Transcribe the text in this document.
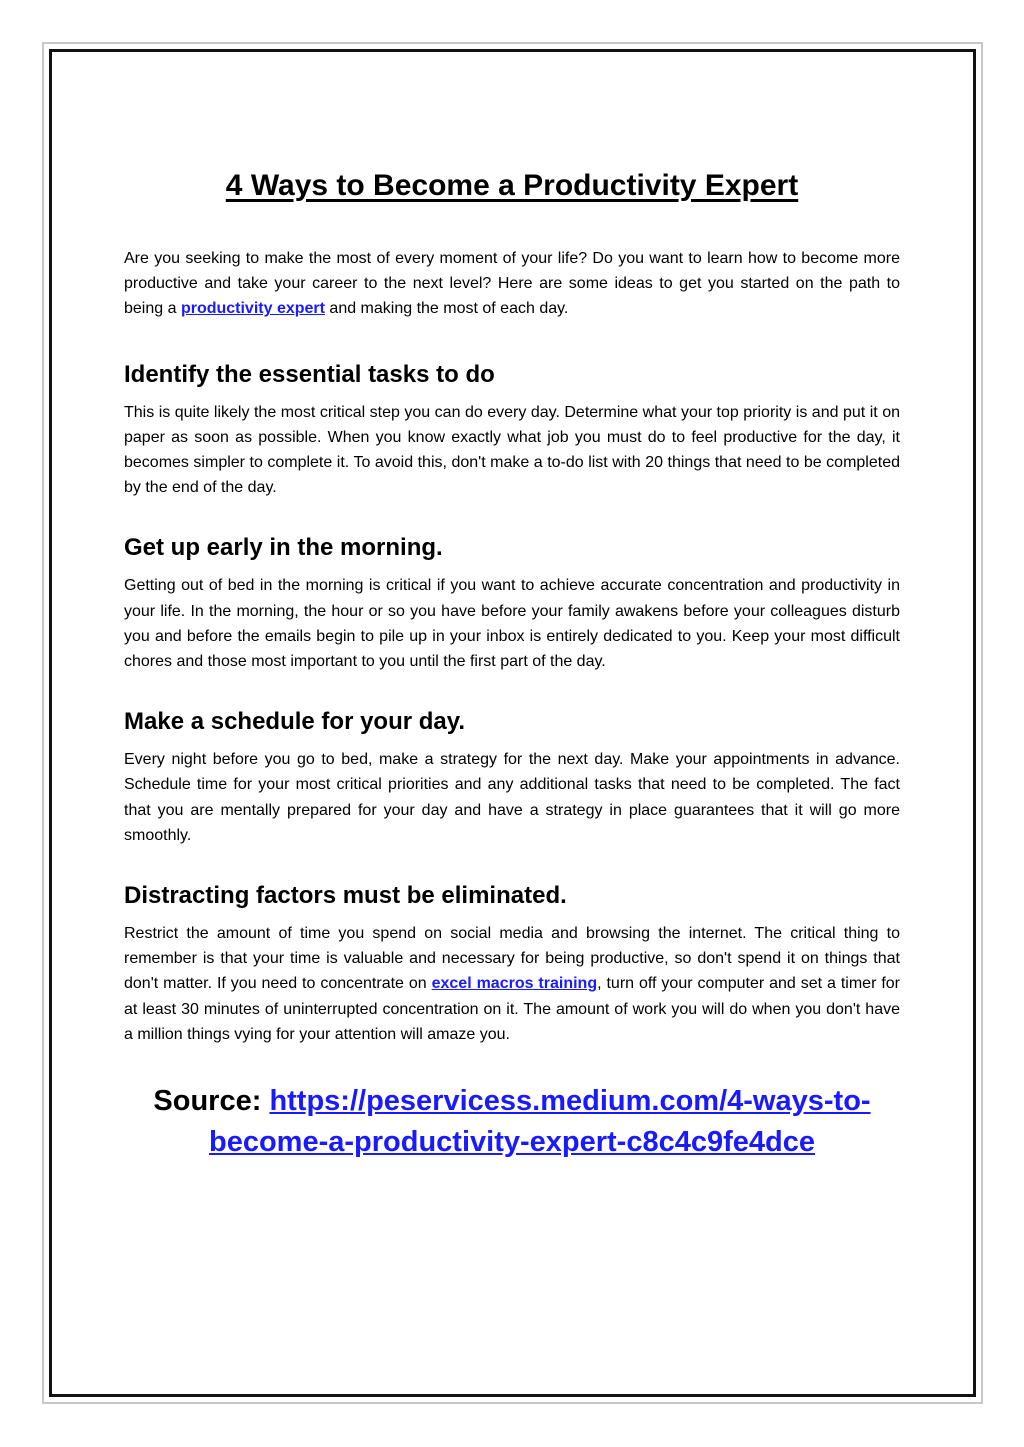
4 Ways to Become a Productivity Expert

Are you seeking to make the most of every moment of your life? Do you want to learn how to become more productive and take your career to the next level? Here are some ideas to get you started on the path to being a productivity expert and making the most of each day.

Identify the essential tasks to do

This is quite likely the most critical step you can do every day. Determine what your top priority is and put it on paper as soon as possible. When you know exactly what job you must do to feel productive for the day, it becomes simpler to complete it. To avoid this, don't make a to-do list with 20 things that need to be completed by the end of the day.

Get up early in the morning.

Getting out of bed in the morning is critical if you want to achieve accurate concentration and productivity in your life. In the morning, the hour or so you have before your family awakens before your colleagues disturb you and before the emails begin to pile up in your inbox is entirely dedicated to you. Keep your most difficult chores and those most important to you until the first part of the day.

Make a schedule for your day.

Every night before you go to bed, make a strategy for the next day. Make your appointments in advance. Schedule time for your most critical priorities and any additional tasks that need to be completed. The fact that you are mentally prepared for your day and have a strategy in place guarantees that it will go more smoothly.

Distracting factors must be eliminated.

Restrict the amount of time you spend on social media and browsing the internet. The critical thing to remember is that your time is valuable and necessary for being productive, so don't spend it on things that don't matter. If you need to concentrate on excel macros training, turn off your computer and set a timer for at least 30 minutes of uninterrupted concentration on it. The amount of work you will do when you don't have a million things vying for your attention will amaze you.

Source: https://peservicess.medium.com/4-ways-to-become-a-productivity-expert-c8c4c9fe4dce
